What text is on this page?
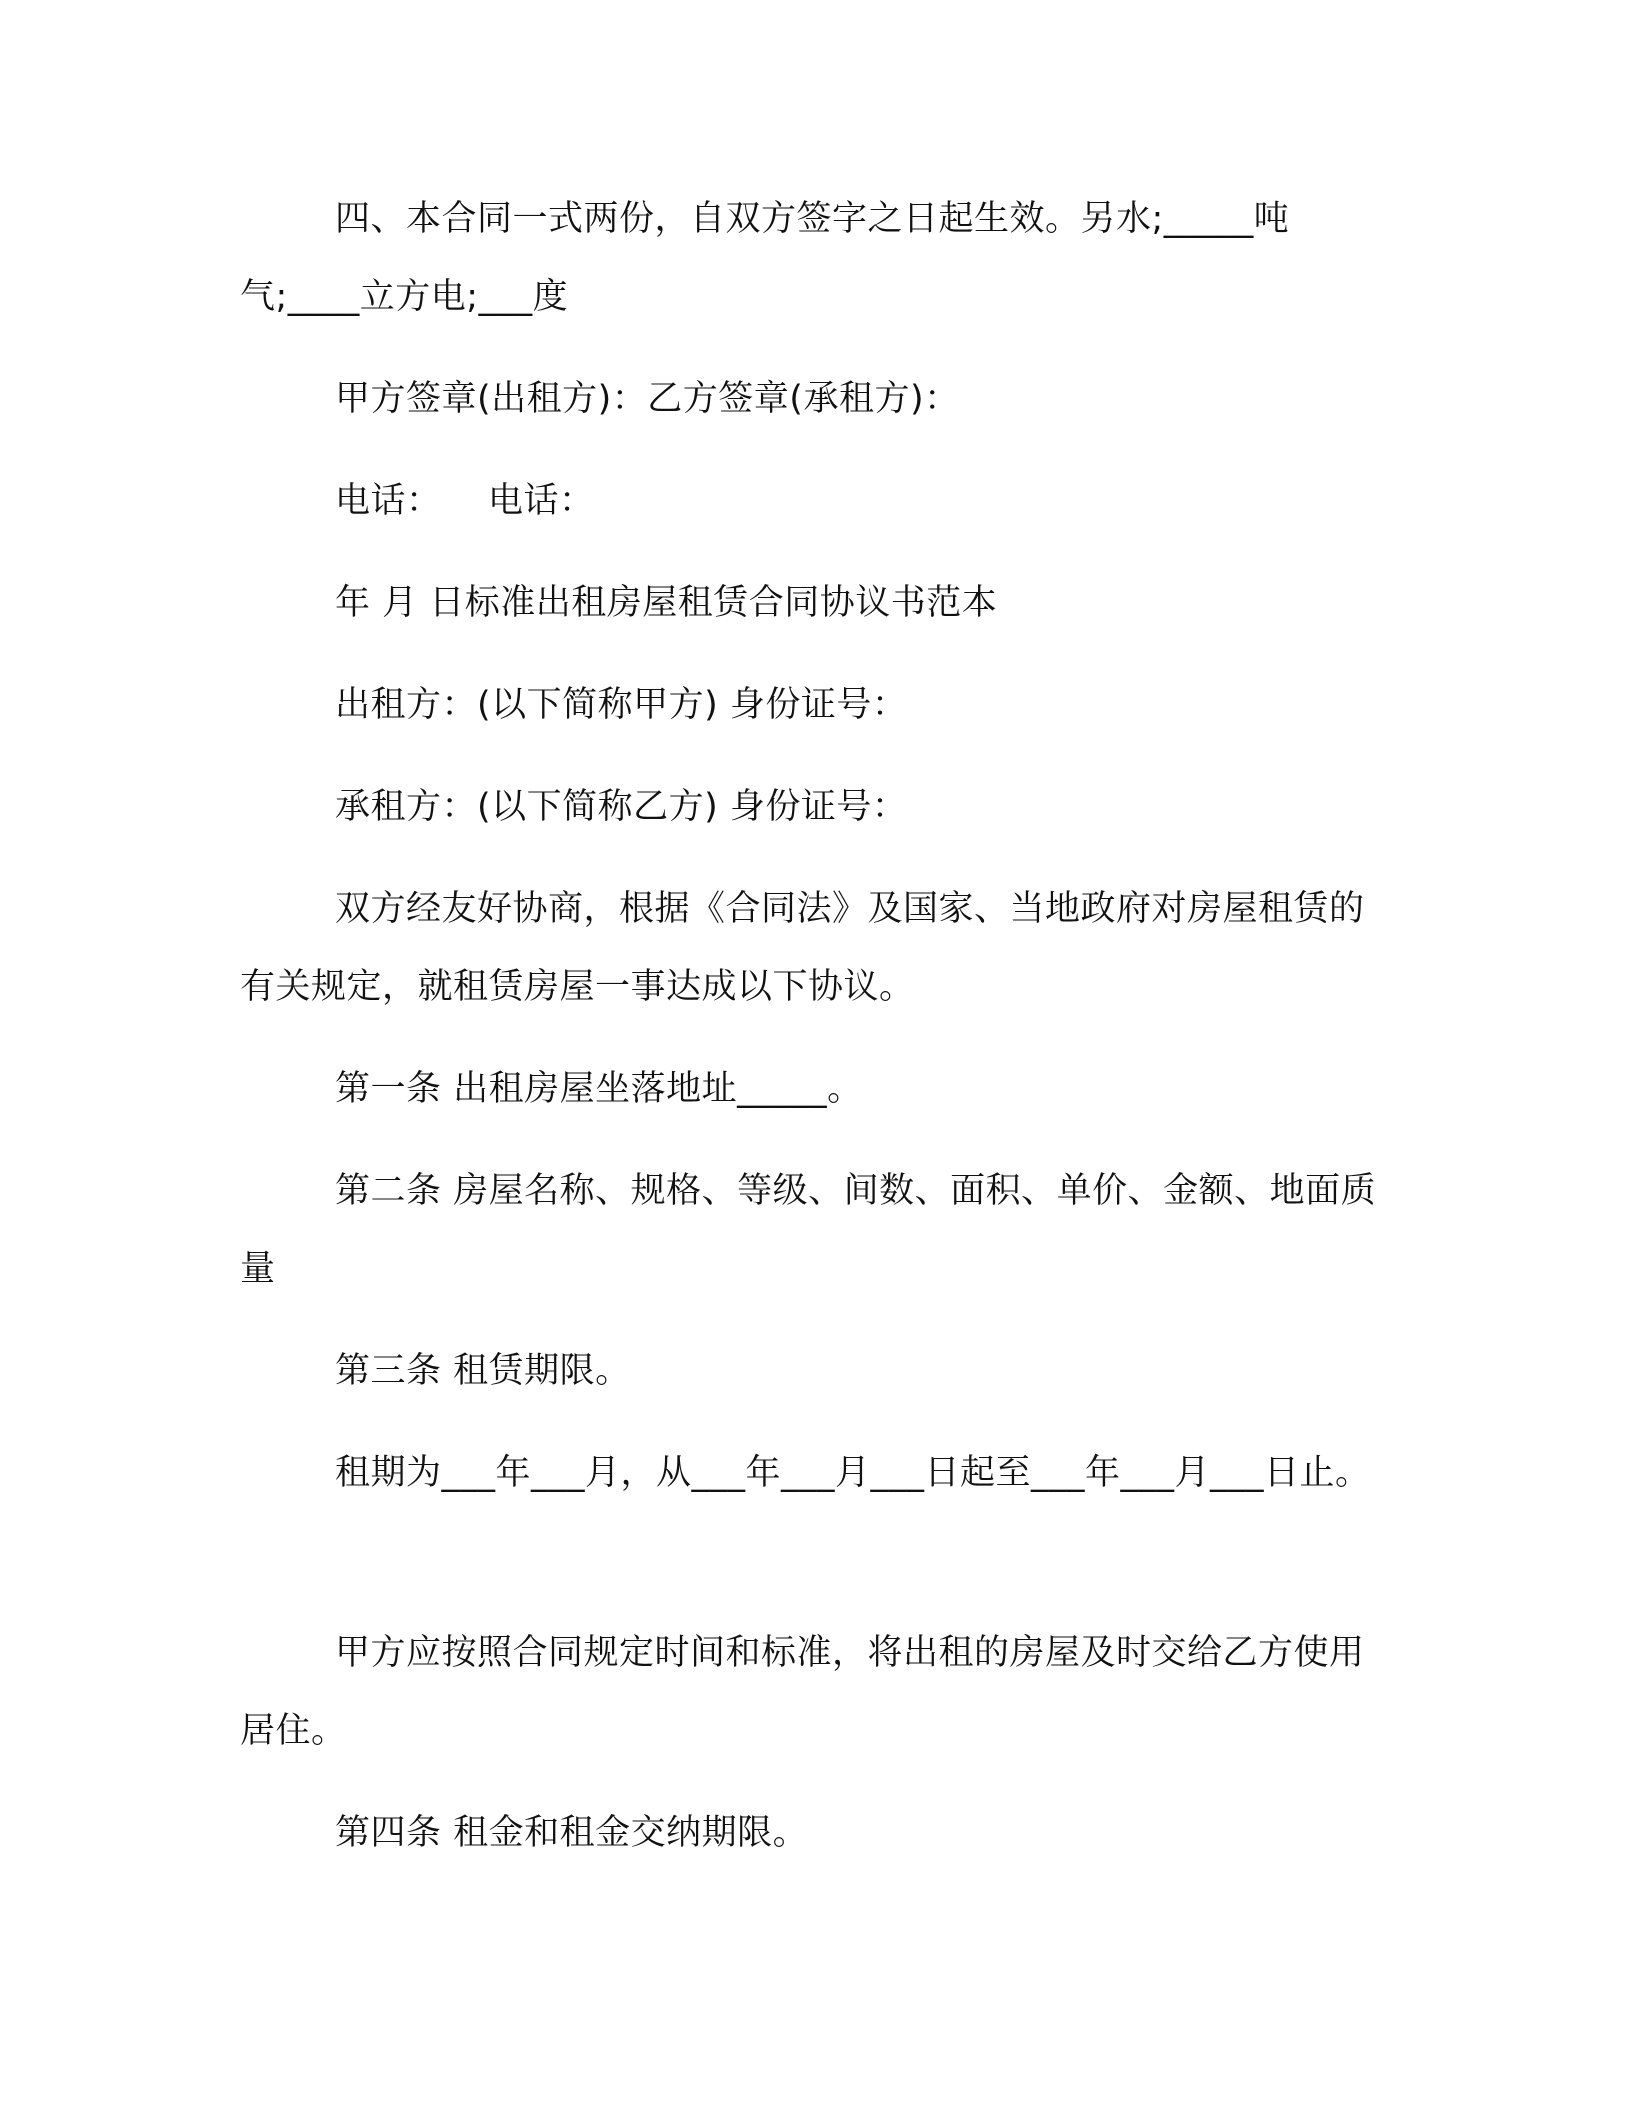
四、本合同一式两份，自双方签字之日起生效。另水;_____吨气;____立方电;___度

甲方签章(出租方)：乙方签章(承租方)：

电话：    电话：

年 月 日标准出租房屋租赁合同协议书范本

出租方：(以下简称甲方) 身份证号：

承租方：(以下简称乙方) 身份证号：

双方经友好协商，根据《合同法》及国家、当地政府对房屋租赁的有关规定，就租赁房屋一事达成以下协议。

第一条 出租房屋坐落地址_____。

第二条 房屋名称、规格、等级、间数、面积、单价、金额、地面质量

第三条 租赁期限。

租期为___年___月，从___年___月___日起至___年___月___日止。

甲方应按照合同规定时间和标准，将出租的房屋及时交给乙方使用居住。

第四条 租金和租金交纳期限。
